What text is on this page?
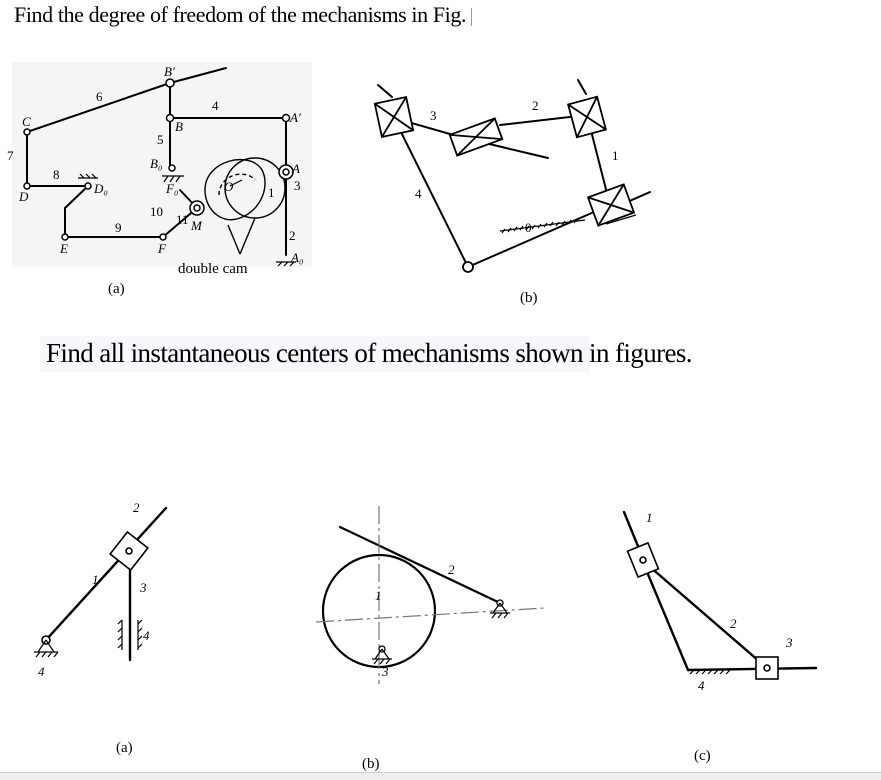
Find the degree of freedom of the mechanisms in Fig.
B′
6
4
A′
C	B
5
7
B₀
8
D₀
D
F₀	O	1
A
3
10
11 M
9
E	F
2
A₀
double cam
(a)
3
2
1
4
0
(b)
Find all instantaneous centers of mechanisms shown in figures.
2
1
3
4
4
(a)
2
1
3
(b)
1
2
3
4
(c)
